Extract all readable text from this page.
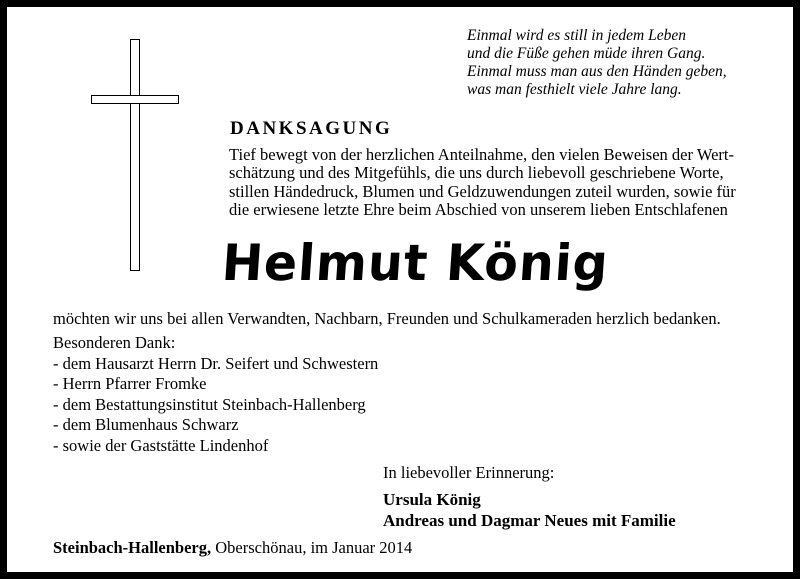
Einmal wird es still in jedem Leben
und die Füße gehen müde ihren Gang.
Einmal muss man aus den Händen geben,
was man festhielt viele Jahre lang.
DANKSAGUNG
Tief bewegt von der herzlichen Anteilnahme, den vielen Beweisen der Wert-
schätzung und des Mitgefühls, die uns durch liebevoll geschriebene Worte,
stillen Händedruck, Blumen und Geldzuwendungen zuteil wurden, sowie für
die erwiesene letzte Ehre beim Abschied von unserem lieben Entschlafenen
Helmut König
möchten wir uns bei allen Verwandten, Nachbarn, Freunden und Schulkameraden herzlich bedanken.
Besonderen Dank:
- dem Hausarzt Herrn Dr. Seifert und Schwestern
- Herrn Pfarrer Fromke
- dem Bestattungsinstitut Steinbach-Hallenberg
- dem Blumenhaus Schwarz
- sowie der Gaststätte Lindenhof
In liebevoller Erinnerung:
Ursula König
Andreas und Dagmar Neues mit Familie
Steinbach-Hallenberg, Oberschönau, im Januar 2014
